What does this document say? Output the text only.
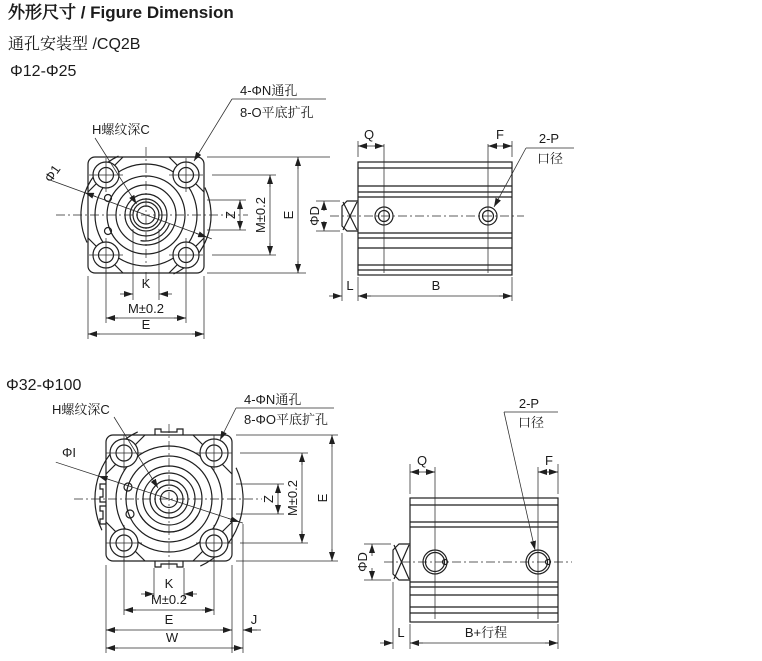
外形尺寸 / Figure Dimension
通孔安装型 /CQ2B
Φ12-Φ25
Φ32-Φ100
H螺纹深C
4-ΦN通孔
8-O平底扩孔
Φ1
Z M±0.2 E
K
M±0.2
E
Q	F	2-P
口径
ΦD
L	B
H螺纹深C
4-ΦN通孔
8-ΦO平底扩孔
ΦI
Z M±0.2 E
K
M±0.2
E	J
W
Q	F
2-P
口径
ΦD
L	B+行程
